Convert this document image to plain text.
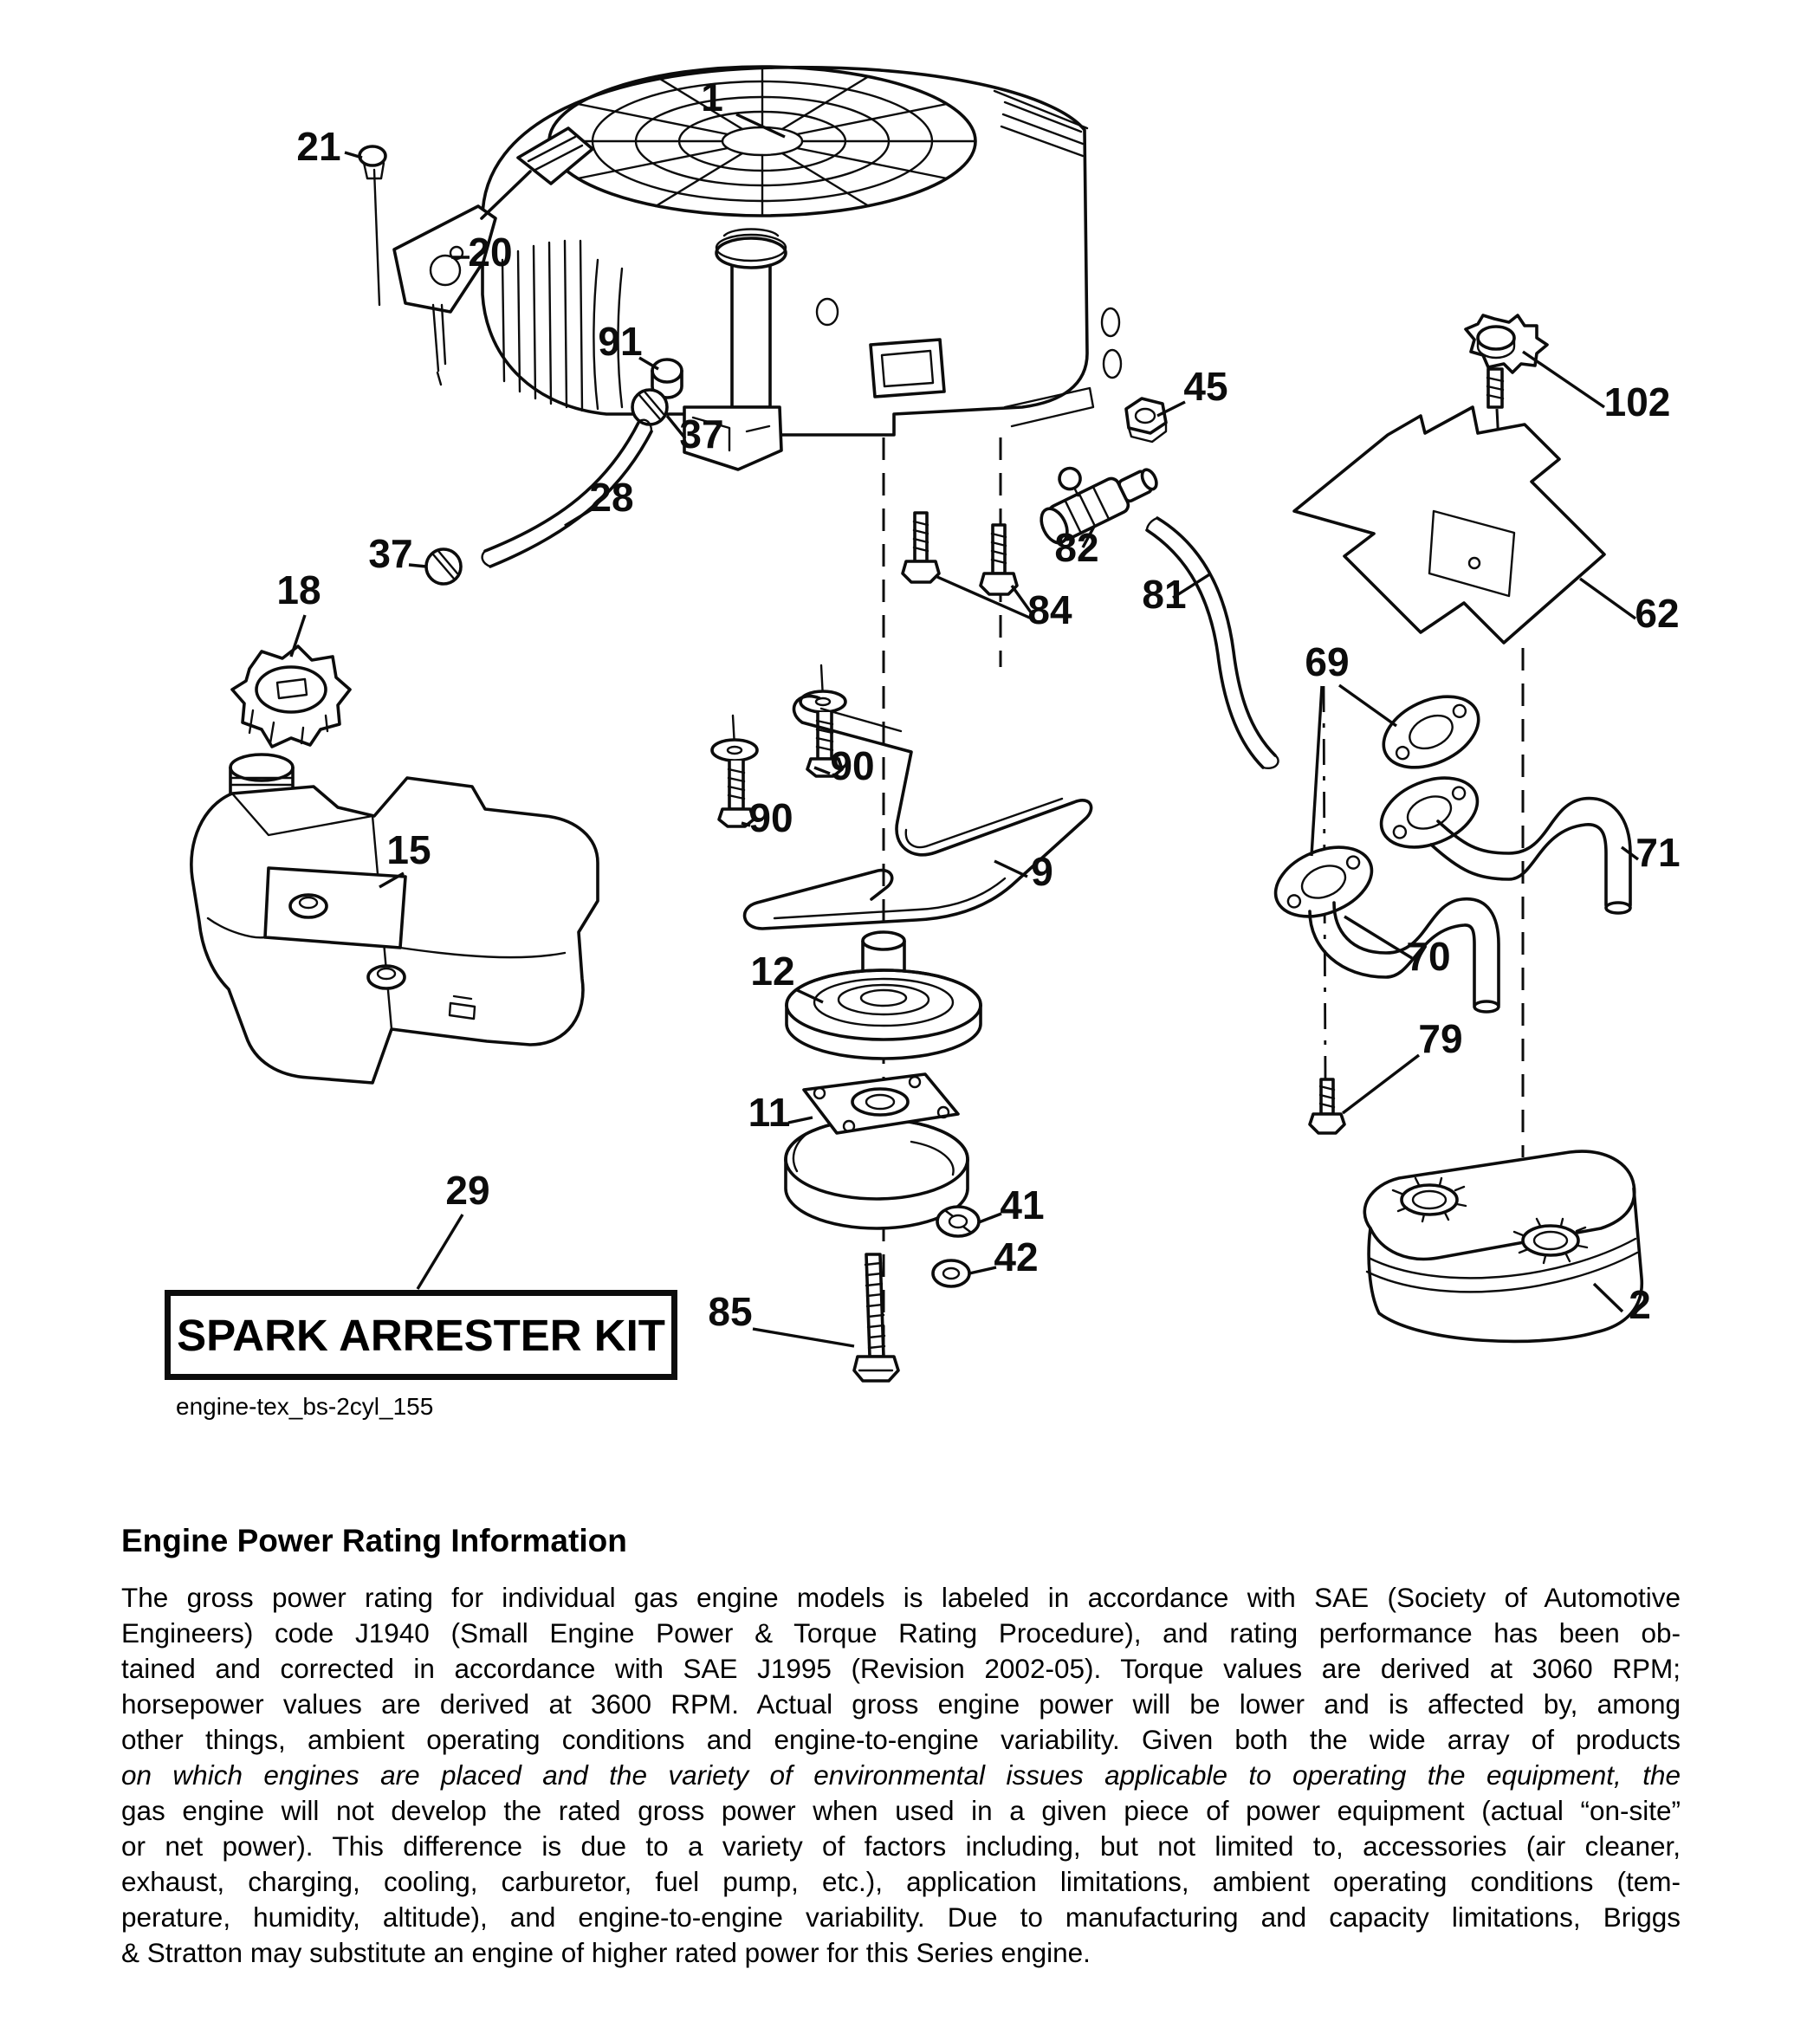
1
21
20
91
37
28
37
18
15
29
45
82
84 81
102
62
69
71
70
79
90
90
9
12
11
41
42
85	2
SPARK ARRESTER KIT
engine-tex_bs-2cyl_155
Engine Power Rating Information
The gross power rating for individual gas engine models is labeled in accordance with SAE (Society of Automotive
Engineers) code J1940 (Small Engine Power & Torque Rating Procedure), and rating performance has been ob-
tained and corrected in accordance with SAE J1995 (Revision 2002-05). Torque values are derived at 3060 RPM;
horsepower values are derived at 3600 RPM. Actual gross engine power will be lower and is affected by, among
other things, ambient operating conditions and engine-to-engine variability. Given both the wide array of products
on which engines are placed and the variety of environmental issues applicable to operating the equipment, the
gas engine will not develop the rated gross power when used in a given piece of power equipment (actual “on-site”
or net power). This difference is due to a variety of factors including, but not limited to, accessories (air cleaner,
exhaust, charging, cooling, carburetor, fuel pump, etc.), application limitations, ambient operating conditions (tem-
perature, humidity, altitude), and engine-to-engine variability. Due to manufacturing and capacity limitations, Briggs
& Stratton may substitute an engine of higher rated power for this Series engine.
